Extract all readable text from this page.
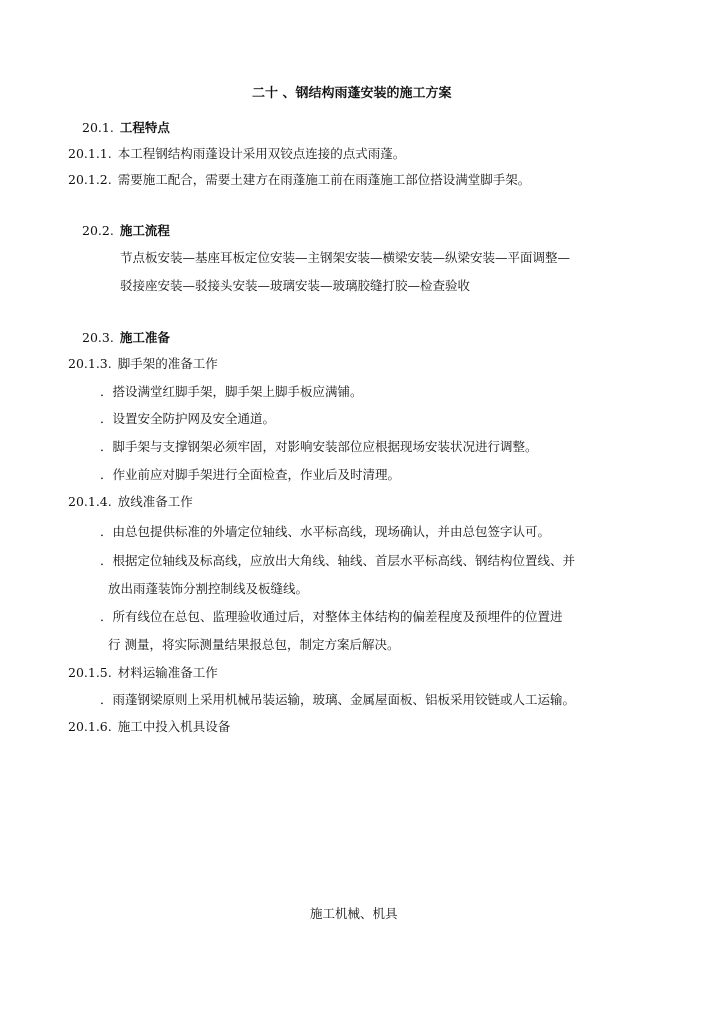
二十 、钢结构雨蓬安装的施工方案
20.1. 工程特点
20.1.1. 本工程钢结构雨蓬设计采用双铰点连接的点式雨蓬。
20.1.2. 需要施工配合，需要土建方在雨蓬施工前在雨蓬施工部位搭设满堂脚手架。
20.2. 施工流程
节点板安装—基座耳板定位安装—主钢架安装—横梁安装—纵梁安装—平面调整—
驳接座安装—驳接头安装—玻璃安装—玻璃胶缝打胶—检查验收
20.3. 施工准备
20.1.3. 脚手架的准备工作
．搭设满堂红脚手架，脚手架上脚手板应满铺。
．设置安全防护网及安全通道。
．脚手架与支撑钢架必须牢固，对影响安装部位应根据现场安装状况进行调整。
．作业前应对脚手架进行全面检查，作业后及时清理。
20.1.4. 放线准备工作
．由总包提供标准的外墙定位轴线、水平标高线，现场确认，并由总包签字认可。
．根据定位轴线及标高线，应放出大角线、轴线、首层水平标高线、钢结构位置线、并
放出雨蓬装饰分割控制线及板缝线。
．所有线位在总包、监理验收通过后，对整体主体结构的偏差程度及预埋件的位置进
行 测量，将实际测量结果报总包，制定方案后解决。
20.1.5. 材料运输准备工作
．雨蓬钢梁原则上采用机械吊装运输，玻璃、金属屋面板、铝板采用铰链或人工运输。
20.1.6. 施工中投入机具设备
施工机械、机具
